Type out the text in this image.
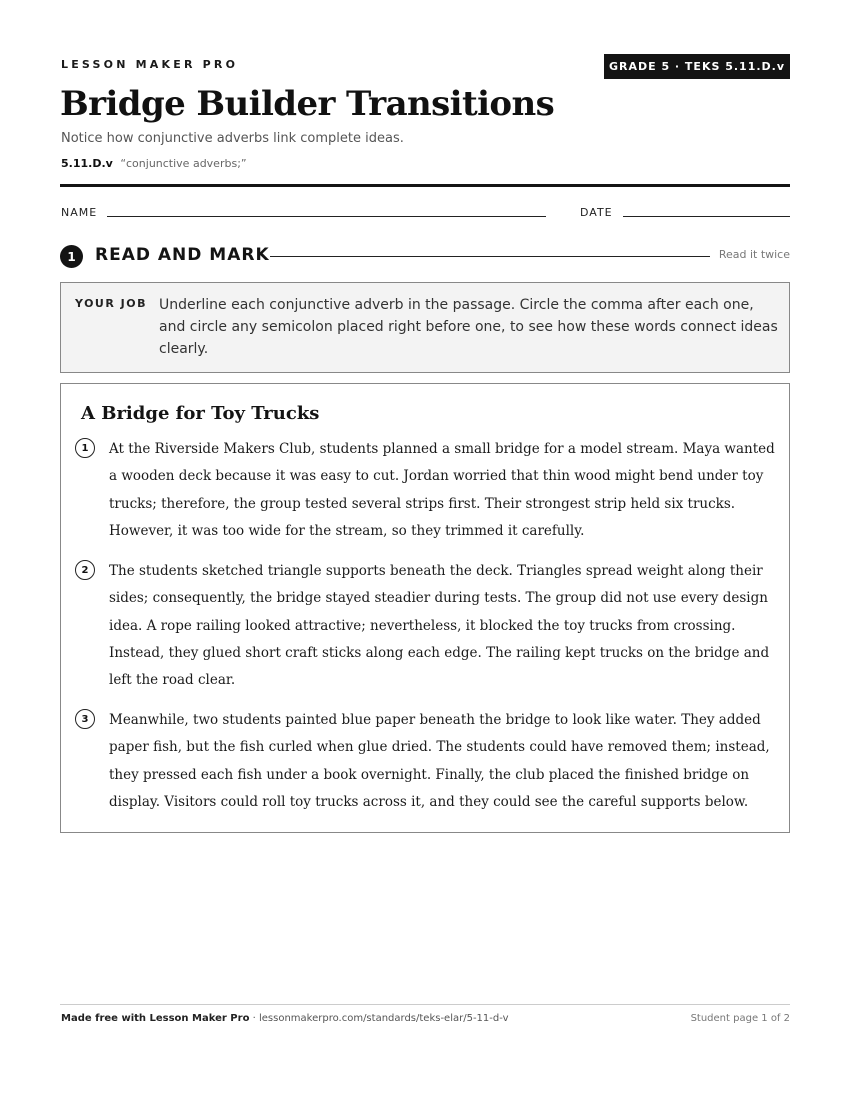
LESSON MAKER PRO	GRADE 5 · TEKS 5.11.D.v
Bridge Builder Transitions
Notice how conjunctive adverbs link complete ideas.
5.11.D.v “conjunctive adverbs;”
NAME	DATE
1	READ AND MARK	Read it twice
YOUR JOB Underline each conjunctive adverb in the passage. Circle the comma after each one, and circle any semicolon placed right before one, to see how these words connect ideas clearly.
A Bridge for Toy Trucks
1	At the Riverside Makers Club, students planned a small bridge for a model stream. Maya wanted a wooden deck because it was easy to cut. Jordan worried that thin wood might bend under toy trucks; therefore, the group tested several strips first. Their strongest strip held six trucks. However, it was too wide for the stream, so they trimmed it carefully.

2	The students sketched triangle supports beneath the deck. Triangles spread weight along their sides; consequently, the bridge stayed steadier during tests. The group did not use every design idea. A rope railing looked attractive; nevertheless, it blocked the toy trucks from crossing. Instead, they glued short craft sticks along each edge. The railing kept trucks on the bridge and left the road clear.

3	Meanwhile, two students painted blue paper beneath the bridge to look like water. They added paper fish, but the fish curled when glue dried. The students could have removed them; instead, they pressed each fish under a book overnight. Finally, the club placed the finished bridge on display. Visitors could roll toy trucks across it, and they could see the careful supports below.

Made free with Lesson Maker Pro · lessonmakerpro.com/standards/teks-elar/5-11-d-v	Student page 1 of 2
